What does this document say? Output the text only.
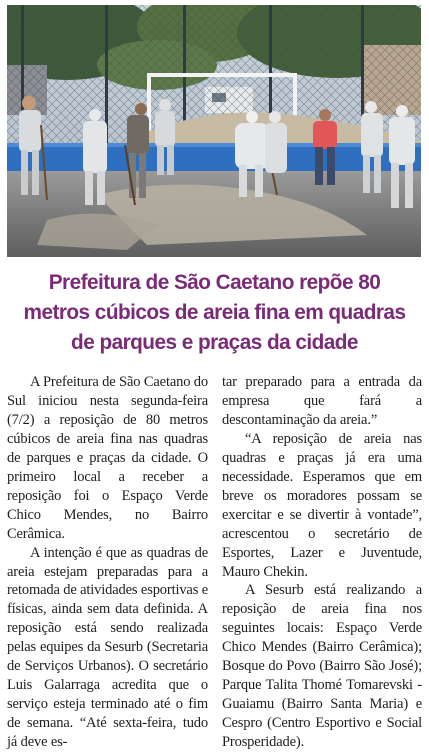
Prefeitura de São Caetano repõe 80 metros cúbicos de areia fina em quadras de parques e praças da cidade

A Prefeitura de São Caetano do Sul iniciou nesta segunda-feira (7/2) a reposição de 80 metros cúbicos de areia fina nas quadras de parques e praças da cidade. O primeiro local a receber a reposição foi o Espaço Verde Chico Mendes, no Bairro Cerâmica.

A intenção é que as quadras de areia estejam preparadas para a retomada de atividades esportivas e físicas, ainda sem data definida. A reposição está sendo realizada pelas equipes da Sesurb (Secretaria de Serviços Urbanos). O secretário Luis Galarraga acredita que o serviço esteja terminado até o fim de semana. “Até sexta-feira, tudo já deve es-

tar preparado para a entrada da empresa que fará a descontaminação da areia.”

“A reposição de areia nas quadras e praças já era uma necessidade. Esperamos que em breve os moradores possam se exercitar e se divertir à vontade”, acrescentou o secretário de Esportes, Lazer e Juventude, Mauro Chekin.

A Sesurb está realizando a reposição de areia fina nos seguintes locais: Espaço Verde Chico Mendes (Bairro Cerâmica); Bosque do Povo (Bairro São José); Parque Talita Thomé Tomarevski - Guaiamu (Bairro Santa Maria) e Cespro (Centro Esportivo e Social Prosperidade).
